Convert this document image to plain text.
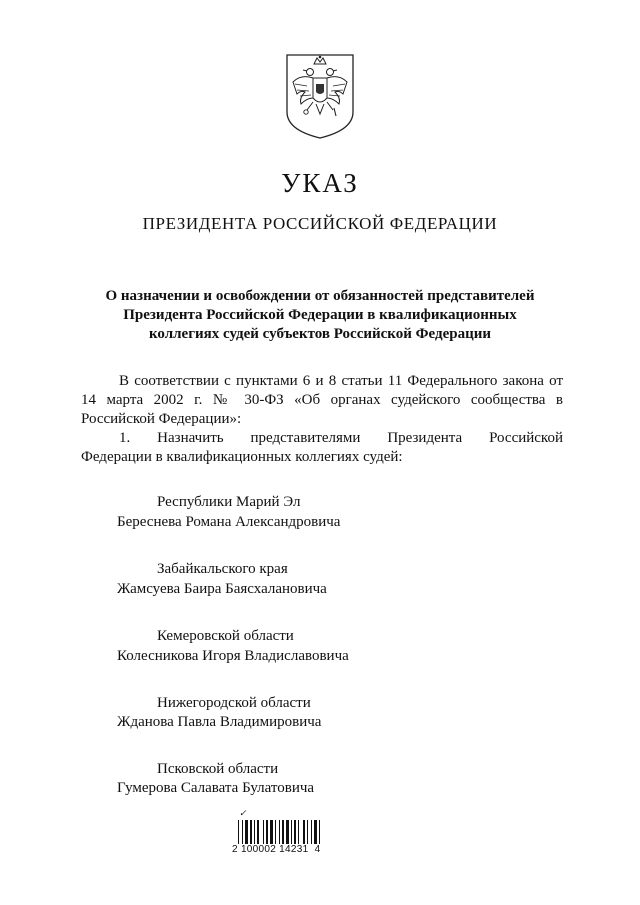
УКАЗ
ПРЕЗИДЕНТА РОССИЙСКОЙ ФЕДЕРАЦИИ
О назначении и освобождении от обязанностей представителей
Президента Российской Федерации в квалификационных
коллегиях судей субъектов Российской Федерации
В соответствии с пунктами 6 и 8 статьи 11 Федерального закона от 14 марта 2002 г. № 30-ФЗ «Об органах судейского сообщества в Российской Федерации»:
1. Назначить представителями Президента Российской
Федерации в квалификационных коллегиях судей:
Республики Марий Эл
Береснева Романа Александровича
Забайкальского края
Жамсуева Баира Баясхалановича
Кемеровской области
Колесникова Игоря Владиславовича
Нижегородской области
Жданова Павла Владимировича
Псковской области
Гумерова Салавата Булатовича
✓
2 100002 14231  4
